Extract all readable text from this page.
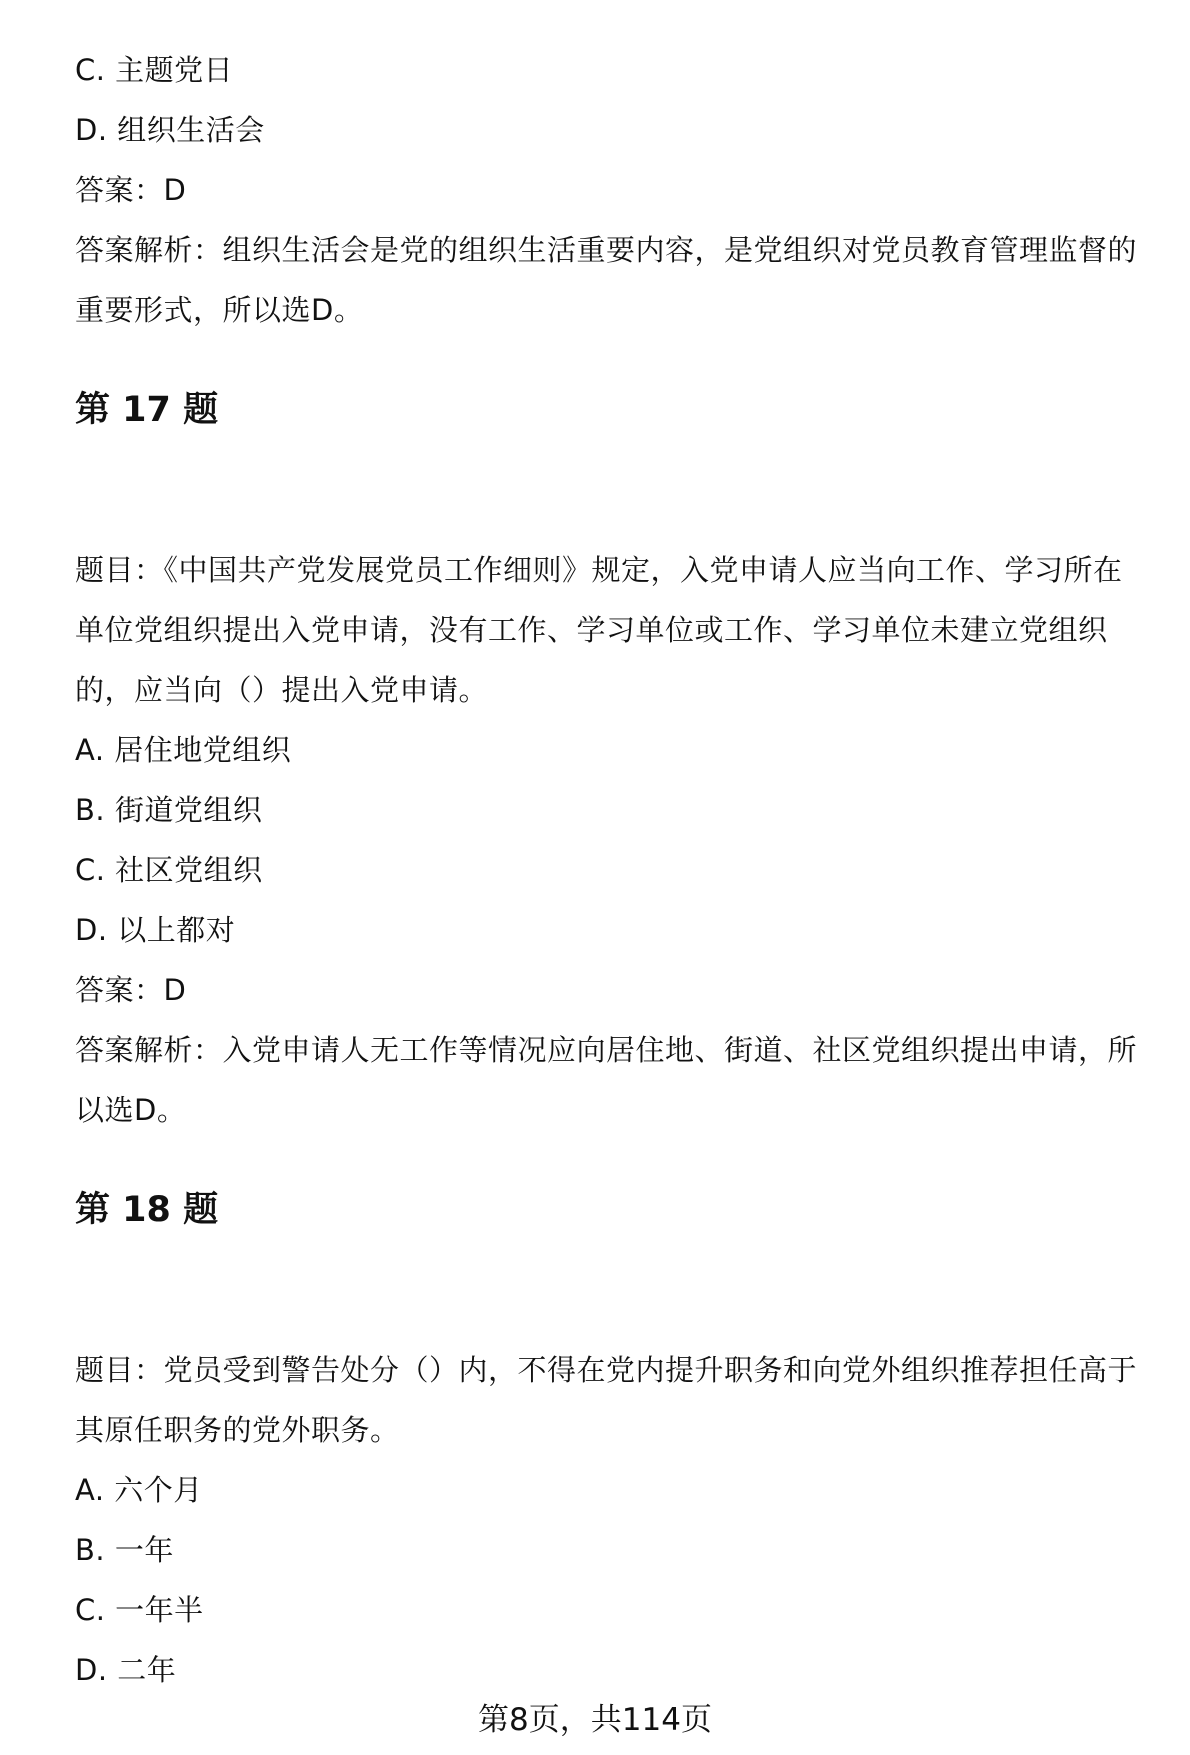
C. 主题党日
D. 组织生活会
答案：D
答案解析：组织生活会是党的组织生活重要内容，是党组织对党员教育管理监督的
重要形式，所以选D。
第 17 题
题目：《中国共产党发展党员工作细则》规定，入党申请人应当向工作、学习所在
单位党组织提出入党申请，没有工作、学习单位或工作、学习单位未建立党组织
的，应当向（）提出入党申请。
A. 居住地党组织
B. 街道党组织
C. 社区党组织
D. 以上都对
答案：D
答案解析：入党申请人无工作等情况应向居住地、街道、社区党组织提出申请，所
以选D。
第 18 题
题目：党员受到警告处分（）内，不得在党内提升职务和向党外组织推荐担任高于
其原任职务的党外职务。
A. 六个月
B. 一年
C. 一年半
D. 二年
第8页，共114页
